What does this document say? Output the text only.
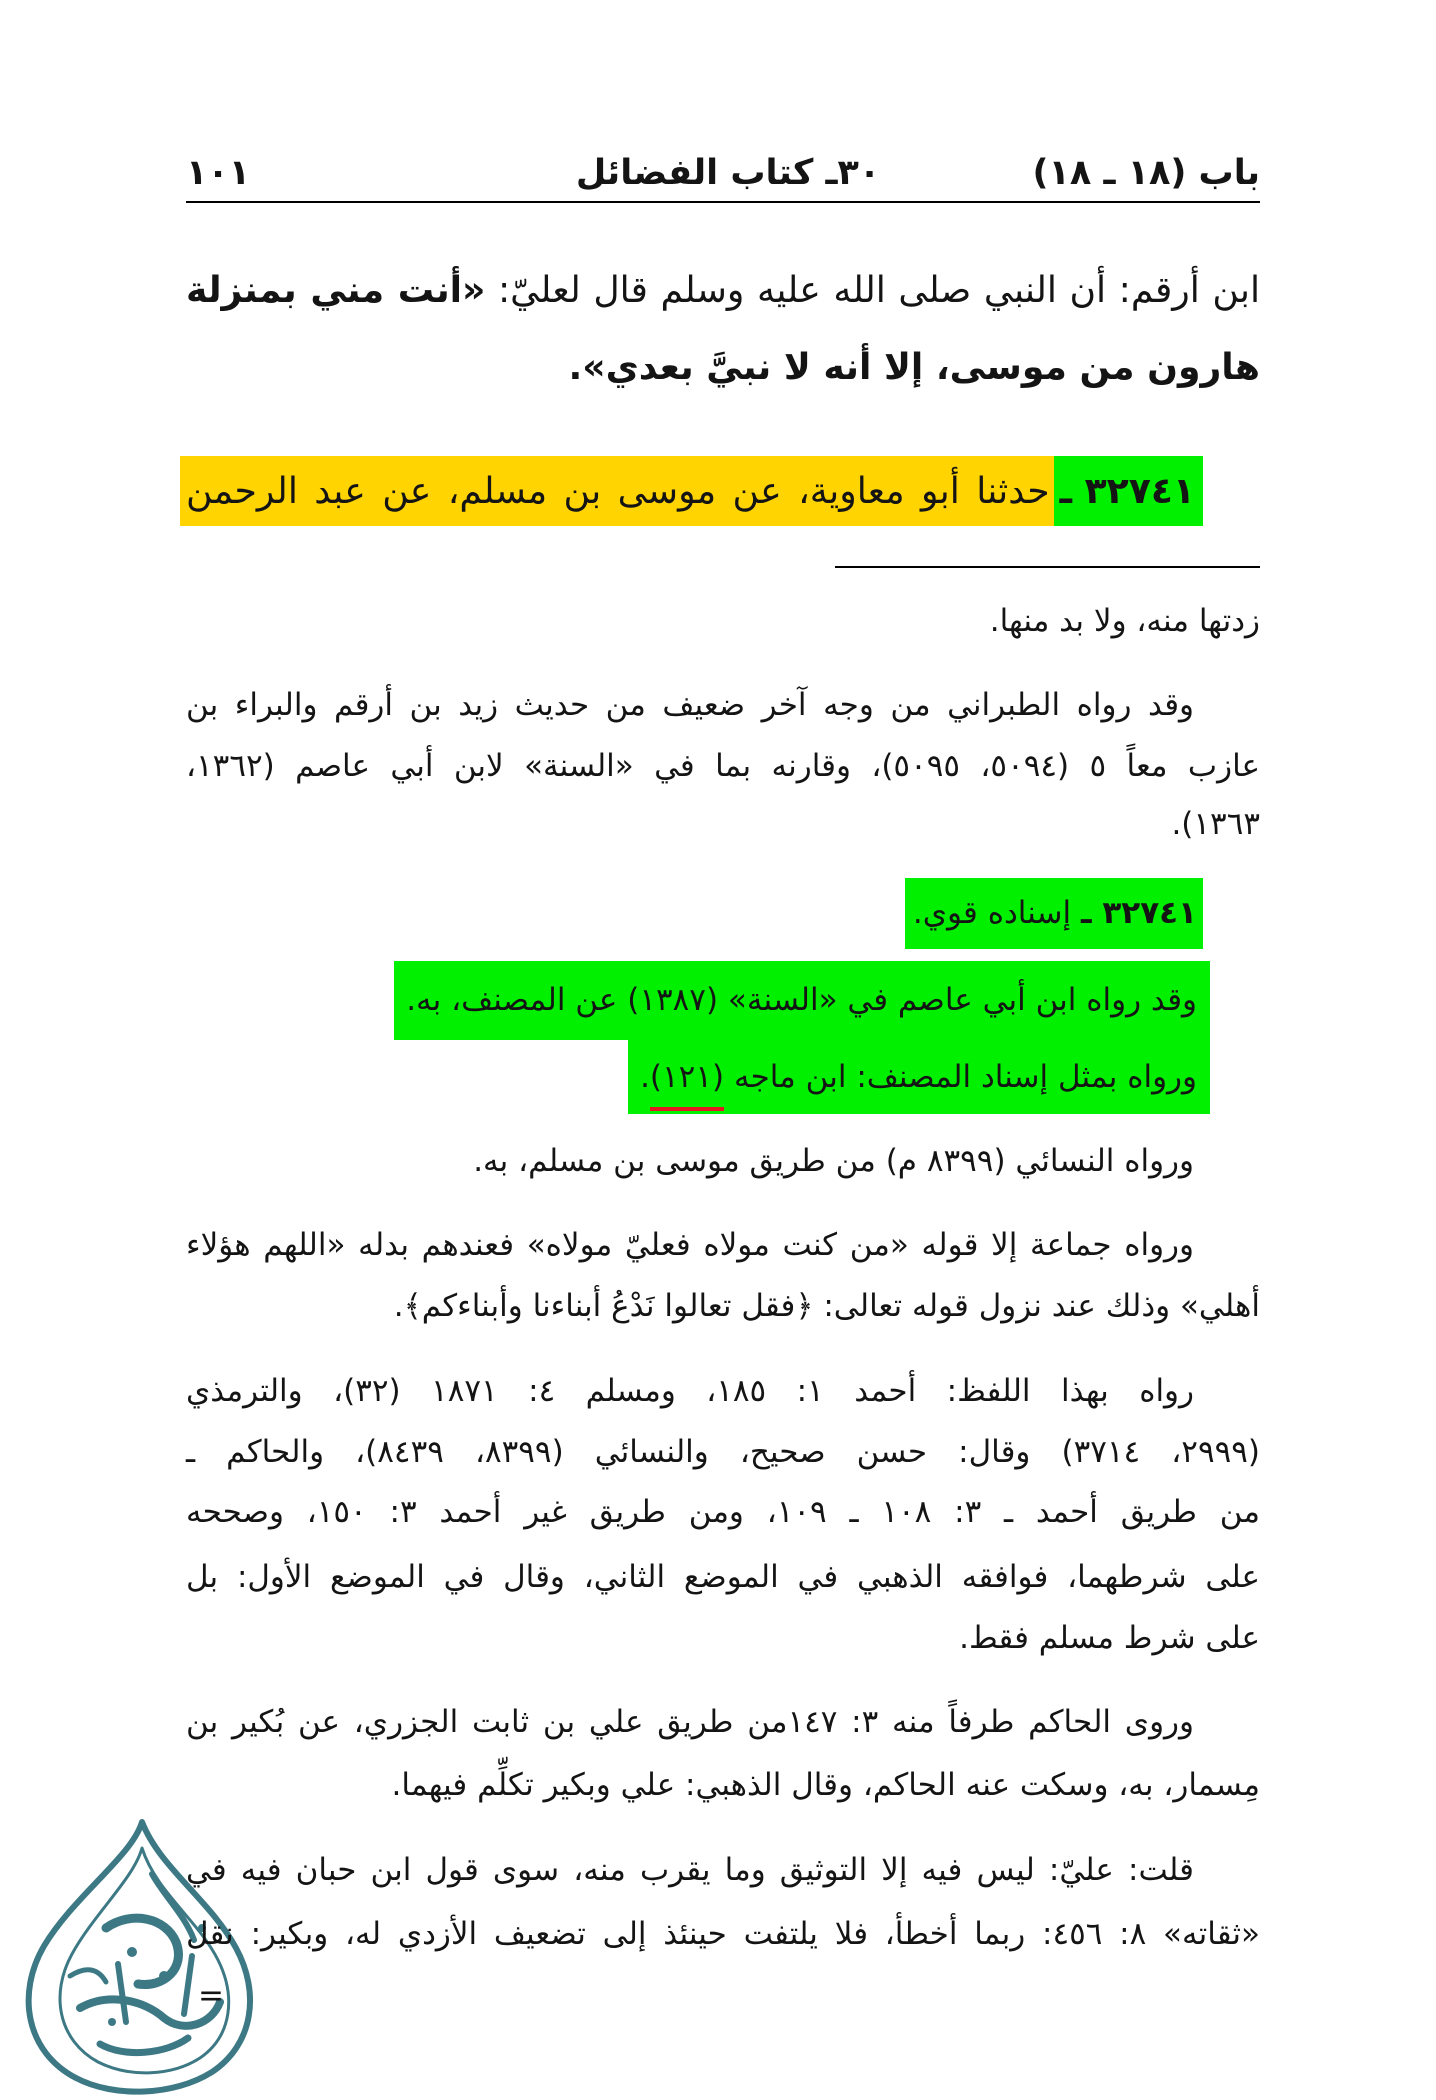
باب (١٨ ـ ١٨)
٣٠ـ كتاب الفضائل
١٠١
ابن أرقم: أن النبي صلى الله عليه وسلم قال لعليّ: «أنت مني بمنزلة
هارون من موسى، إلا أنه لا نبيَّ بعدي».
٣٢٧٤١ ـ
حدثنا أبو معاوية، عن موسى بن مسلم، عن عبد الرحمن
زدتها منه، ولا بد منها.
وقد رواه الطبراني من وجه آخر ضعيف من حديث زيد بن أرقم والبراء بن
عازب معاً ٥ (٥٠٩٤، ٥٠٩٥)، وقارنه بما في «السنة» لابن أبي عاصم (١٣٦٢،
١٣٦٣).
٣٢٧٤١ ـ إسناده قوي.
وقد رواه ابن أبي عاصم في «السنة» (١٣٨٧) عن المصنف، به.
ورواه بمثل إسناد المصنف: ابن ماجه (١٢١).
ورواه النسائي (٨٣٩٩ م) من طريق موسى بن مسلم، به.
ورواه جماعة إلا قوله «من كنت مولاه فعليّ مولاه» فعندهم بدله «اللهم هؤلاء
أهلي» وذلك عند نزول قوله تعالى: ﴿فقل تعالوا نَدْعُ أبناءنا وأبناءكم﴾.
رواه بهذا اللفظ: أحمد ١: ١٨٥، ومسلم ٤: ١٨٧١ (٣٢)، والترمذي
(٢٩٩٩، ٣٧١٤) وقال: حسن صحيح، والنسائي (٨٣٩٩، ٨٤٣٩)، والحاكم ـ
من طريق أحمد ـ ٣: ١٠٨ ـ ١٠٩، ومن طريق غير أحمد ٣: ١٥٠، وصححه
على شرطهما، فوافقه الذهبي في الموضع الثاني، وقال في الموضع الأول: بل
على شرط مسلم فقط.
وروى الحاكم طرفاً منه ٣: ١٤٧من طريق علي بن ثابت الجزري، عن بُكير بن
مِسمار، به، وسكت عنه الحاكم، وقال الذهبي: علي وبكير تكلِّم فيهما.
قلت: عليّ: ليس فيه إلا التوثيق وما يقرب منه، سوى قول ابن حبان فيه في
«ثقاته» ٨: ٤٥٦: ربما أخطأ، فلا يلتفت حينئذ إلى تضعيف الأزدي له، وبكير: نقل
=
